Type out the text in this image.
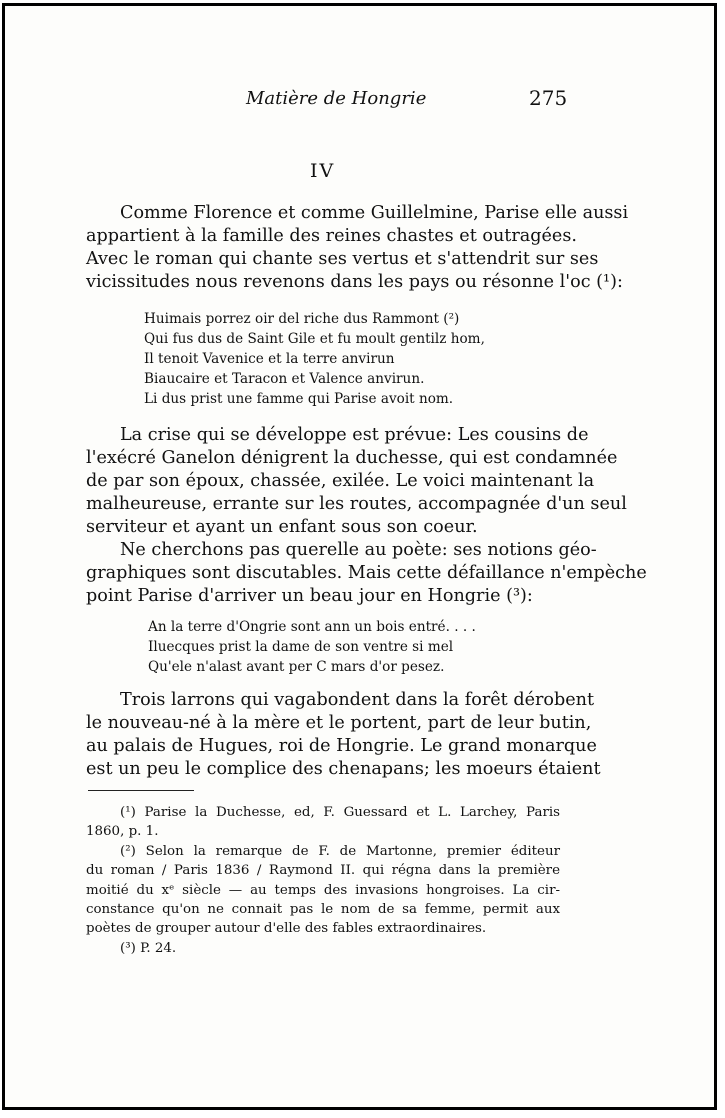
Matière de Hongrie	275
IV
Comme Florence et comme Guillelmine, Parise elle aussi
appartient à la famille des reines chastes et outragées.
Avec le roman qui chante ses vertus et s'attendrit sur ses
vicissitudes nous revenons dans les pays ou résonne l'oc (¹):
Huimais porrez oir del riche dus Rammont (²)
Qui fus dus de Saint Gile et fu moult gentilz hom,
Il tenoit Vavenice et la terre anvirun
Biaucaire et Taracon et Valence anvirun.
Li dus prist une famme qui Parise avoit nom.
La crise qui se développe est prévue: Les cousins de
l'exécré Ganelon dénigrent la duchesse, qui est condamnée
de par son époux, chassée, exilée. Le voici maintenant la
malheureuse, errante sur les routes, accompagnée d'un seul
serviteur et ayant un enfant sous son coeur.
Ne cherchons pas querelle au poète: ses notions géo-
graphiques sont discutables. Mais cette défaillance n'empèche
point Parise d'arriver un beau jour en Hongrie (³):
An la terre d'Ongrie sont ann un bois entré. . . .
Iluecques prist la dame de son ventre si mel
Qu'ele n'alast avant per C mars d'or pesez.
Trois larrons qui vagabondent dans la forêt dérobent
le nouveau-né à la mère et le portent, part de leur butin,
au palais de Hugues, roi de Hongrie. Le grand monarque
est un peu le complice des chenapans; les moeurs étaient
(¹) Parise la Duchesse, ed, F. Guessard et L. Larchey, Paris
1860, p. 1.
(²) Selon la remarque de F. de Martonne, premier éditeur
du roman / Paris 1836 / Raymond II. qui régna dans la première
moitié du xᵉ siècle — au temps des invasions hongroises. La cir-
constance qu'on ne connait pas le nom de sa femme, permit aux
poètes de grouper autour d'elle des fables extraordinaires.
(³) P. 24.
